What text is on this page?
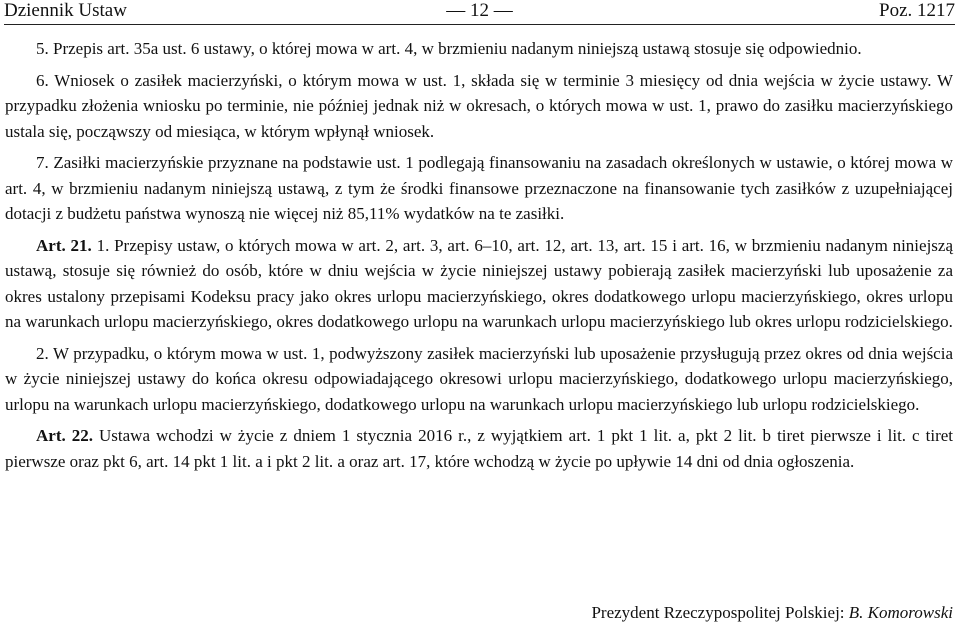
Dziennik Ustaw	— 12 —	Poz. 1217

5. Przepis art. 35a ust. 6 ustawy, o której mowa w art. 4, w brzmieniu nadanym niniejszą ustawą stosuje się odpowiednio.

6. Wniosek o zasiłek macierzyński, o którym mowa w ust. 1, składa się w terminie 3 miesięcy od dnia wejścia w życie ustawy. W przypadku złożenia wniosku po terminie, nie później jednak niż w okresach, o których mowa w ust. 1, prawo do zasiłku macierzyńskiego ustala się, począwszy od miesiąca, w którym wpłynął wniosek.

7. Zasiłki macierzyńskie przyznane na podstawie ust. 1 podlegają finansowaniu na zasadach określonych w ustawie, o której mowa w art. 4, w brzmieniu nadanym niniejszą ustawą, z tym że środki finansowe przeznaczone na finansowanie tych zasiłków z uzupełniającej dotacji z budżetu państwa wynoszą nie więcej niż 85,11% wydatków na te zasiłki.

Art. 21. 1. Przepisy ustaw, o których mowa w art. 2, art. 3, art. 6–10, art. 12, art. 13, art. 15 i art. 16, w brzmieniu nadanym niniejszą ustawą, stosuje się również do osób, które w dniu wejścia w życie niniejszej ustawy pobierają zasiłek macierzyński lub uposażenie za okres ustalony przepisami Kodeksu pracy jako okres urlopu macierzyńskiego, okres dodatkowego urlopu macierzyńskiego, okres urlopu na warunkach urlopu macierzyńskiego, okres dodatkowego urlopu na warunkach urlopu macierzyńskiego lub okres urlopu rodzicielskiego.

2. W przypadku, o którym mowa w ust. 1, podwyższony zasiłek macierzyński lub uposażenie przysługują przez okres od dnia wejścia w życie niniejszej ustawy do końca okresu odpowiadającego okresowi urlopu macierzyńskiego, dodatkowego urlopu macierzyńskiego, urlopu na warunkach urlopu macierzyńskiego, dodatkowego urlopu na warunkach urlopu macierzyńskiego lub urlopu rodzicielskiego.

Art. 22. Ustawa wchodzi w życie z dniem 1 stycznia 2016 r., z wyjątkiem art. 1 pkt 1 lit. a, pkt 2 lit. b tiret pierwsze i lit. c tiret pierwsze oraz pkt 6, art. 14 pkt 1 lit. a i pkt 2 lit. a oraz art. 17, które wchodzą w życie po upływie 14 dni od dnia ogłoszenia.

Prezydent Rzeczypospolitej Polskiej: B. Komorowski
